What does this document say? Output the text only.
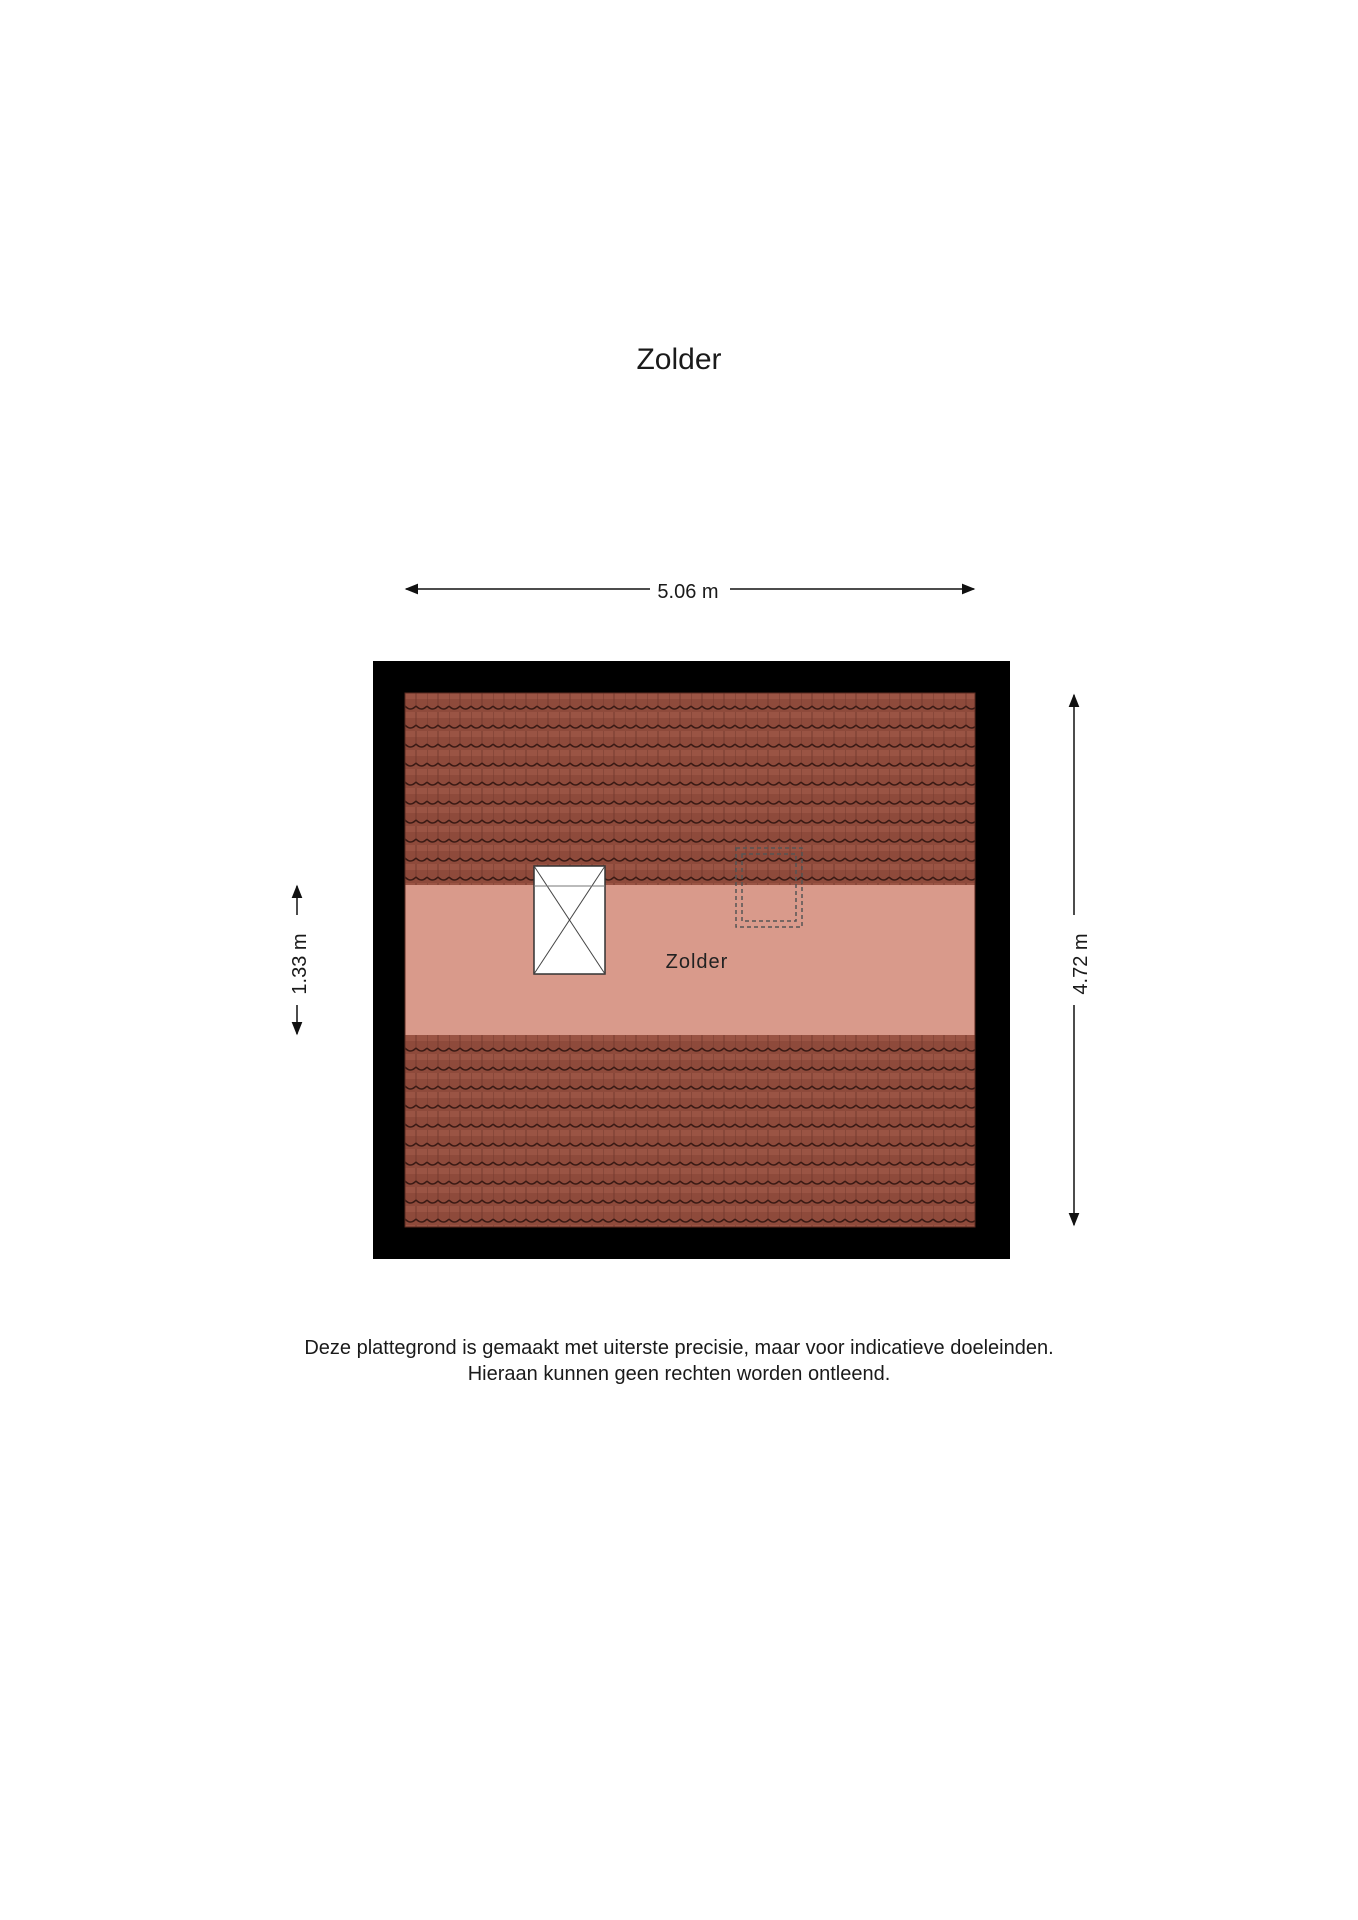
Zolder
5.06 m
4.72 m
1.33 m	Zolder
Deze plattegrond is gemaakt met uiterste precisie, maar voor indicatieve doeleinden.
Hieraan kunnen geen rechten worden ontleend.
